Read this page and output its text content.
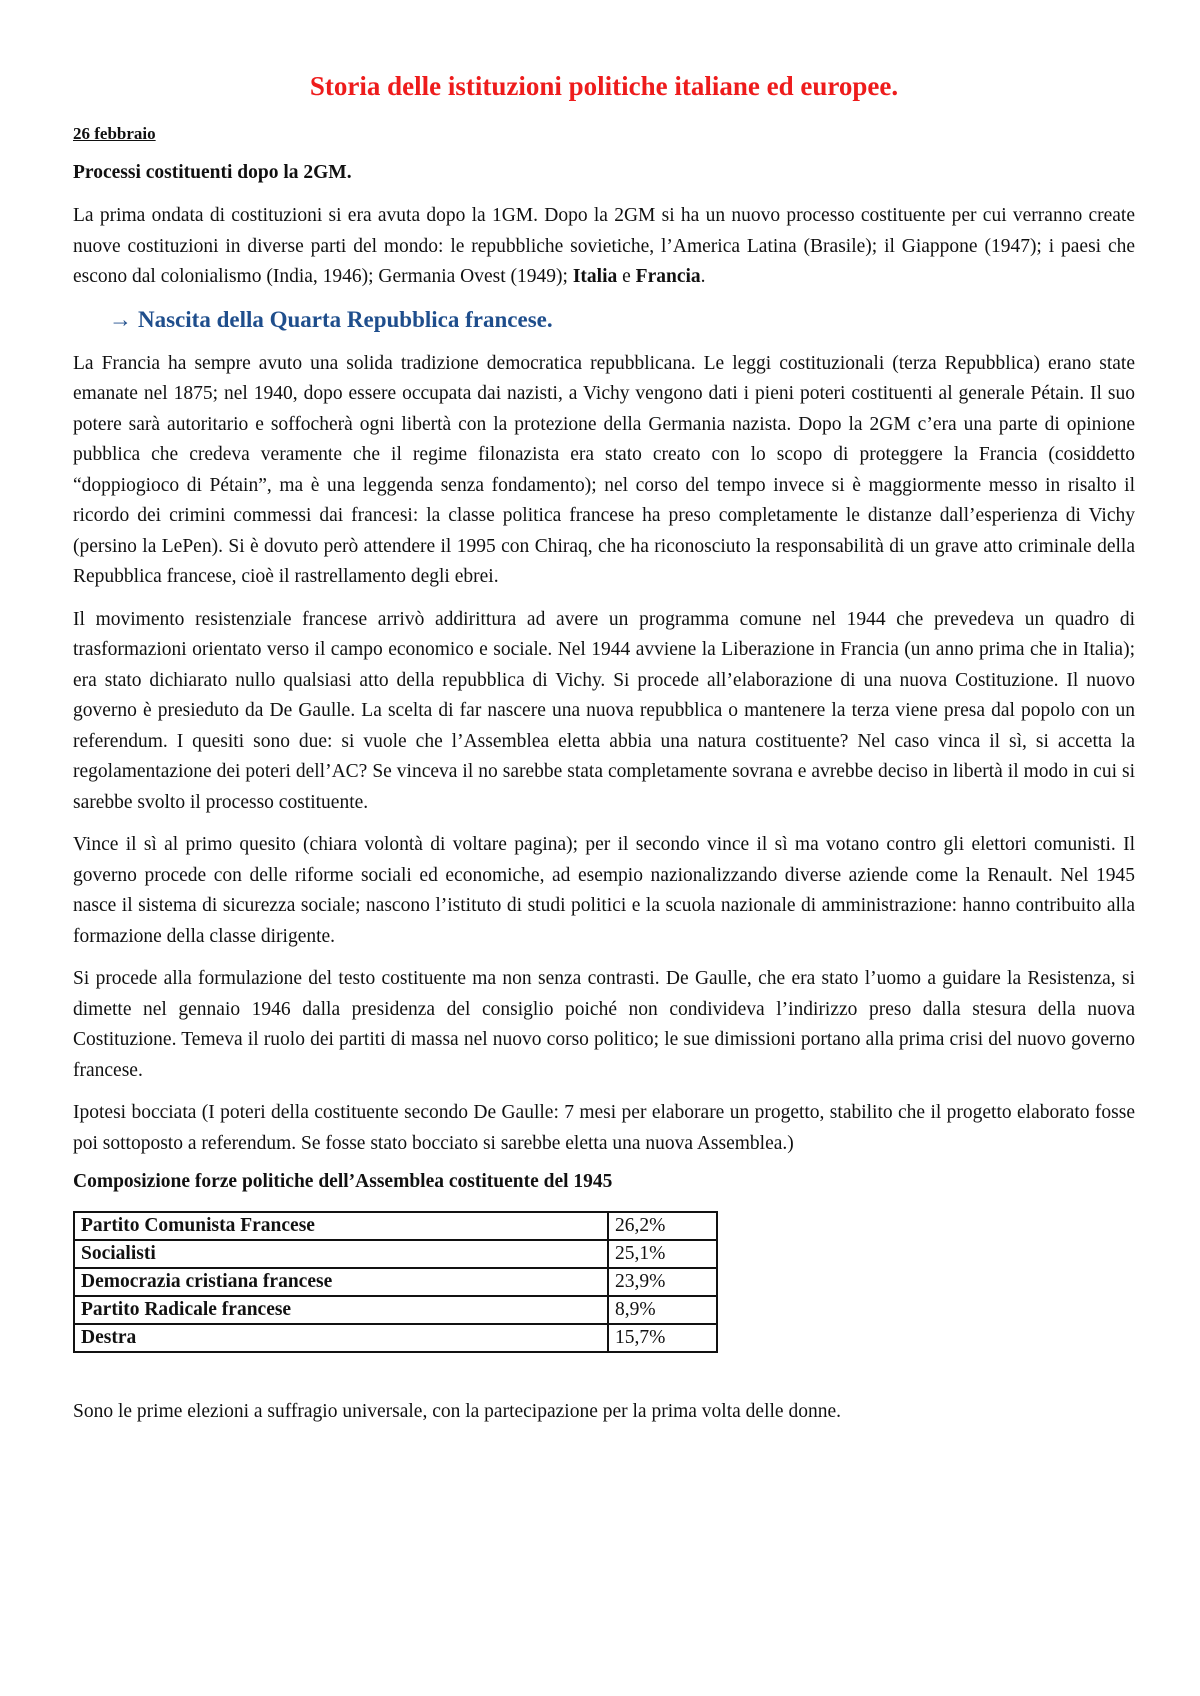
Storia delle istituzioni politiche italiane ed europee.
26 febbraio
Processi costituenti dopo la 2GM.

La prima ondata di costituzioni si era avuta dopo la 1GM. Dopo la 2GM si ha un nuovo processo costituente per cui verranno create nuove costituzioni in diverse parti del mondo: le repubbliche sovietiche, l’America Latina (Brasile); il Giappone (1947); i paesi che escono dal colonialismo (India, 1946); Germania Ovest (1949); Italia e Francia.

→ Nascita della Quarta Repubblica francese.

La Francia ha sempre avuto una solida tradizione democratica repubblicana. Le leggi costituzionali (terza Repubblica) erano state emanate nel 1875; nel 1940, dopo essere occupata dai nazisti, a Vichy vengono dati i pieni poteri costituenti al generale Pétain. Il suo potere sarà autoritario e soffocherà ogni libertà con la protezione della Germania nazista. Dopo la 2GM c’era una parte di opinione pubblica che credeva veramente che il regime filonazista era stato creato con lo scopo di proteggere la Francia (cosiddetto “doppiogioco di Pétain”, ma è una leggenda senza fondamento); nel corso del tempo invece si è maggiormente messo in risalto il ricordo dei crimini commessi dai francesi: la classe politica francese ha preso completamente le distanze dall’esperienza di Vichy (persino la LePen). Si è dovuto però attendere il 1995 con Chiraq, che ha riconosciuto la responsabilità di un grave atto criminale della Repubblica francese, cioè il rastrellamento degli ebrei.

Il movimento resistenziale francese arrivò addirittura ad avere un programma comune nel 1944 che prevedeva un quadro di trasformazioni orientato verso il campo economico e sociale. Nel 1944 avviene la Liberazione in Francia (un anno prima che in Italia); era stato dichiarato nullo qualsiasi atto della repubblica di Vichy. Si procede all’elaborazione di una nuova Costituzione. Il nuovo governo è presieduto da De Gaulle. La scelta di far nascere una nuova repubblica o mantenere la terza viene presa dal popolo con un referendum. I quesiti sono due: si vuole che l’Assemblea eletta abbia una natura costituente? Nel caso vinca il sì, si accetta la regolamentazione dei poteri dell’AC? Se vinceva il no sarebbe stata completamente sovrana e avrebbe deciso in libertà il modo in cui si sarebbe svolto il processo costituente.

Vince il sì al primo quesito (chiara volontà di voltare pagina); per il secondo vince il sì ma votano contro gli elettori comunisti. Il governo procede con delle riforme sociali ed economiche, ad esempio nazionalizzando diverse aziende come la Renault. Nel 1945 nasce il sistema di sicurezza sociale; nascono l’istituto di studi politici e la scuola nazionale di amministrazione: hanno contribuito alla formazione della classe dirigente.

Si procede alla formulazione del testo costituente ma non senza contrasti. De Gaulle, che era stato l’uomo a guidare la Resistenza, si dimette nel gennaio 1946 dalla presidenza del consiglio poiché non condivideva l’indirizzo preso dalla stesura della nuova Costituzione. Temeva il ruolo dei partiti di massa nel nuovo corso politico; le sue dimissioni portano alla prima crisi del nuovo governo francese.

Ipotesi bocciata (I poteri della costituente secondo De Gaulle: 7 mesi per elaborare un progetto, stabilito che il progetto elaborato fosse poi sottoposto a referendum. Se fosse stato bocciato si sarebbe eletta una nuova Assemblea.)

Composizione forze politiche dell’Assemblea costituente del 1945
Partito Comunista Francese	26,2%
Socialisti	25,1%
Democrazia cristiana francese	23,9%
Partito Radicale francese	8,9%
Destra	15,7%

Sono le prime elezioni a suffragio universale, con la partecipazione per la prima volta delle donne.
